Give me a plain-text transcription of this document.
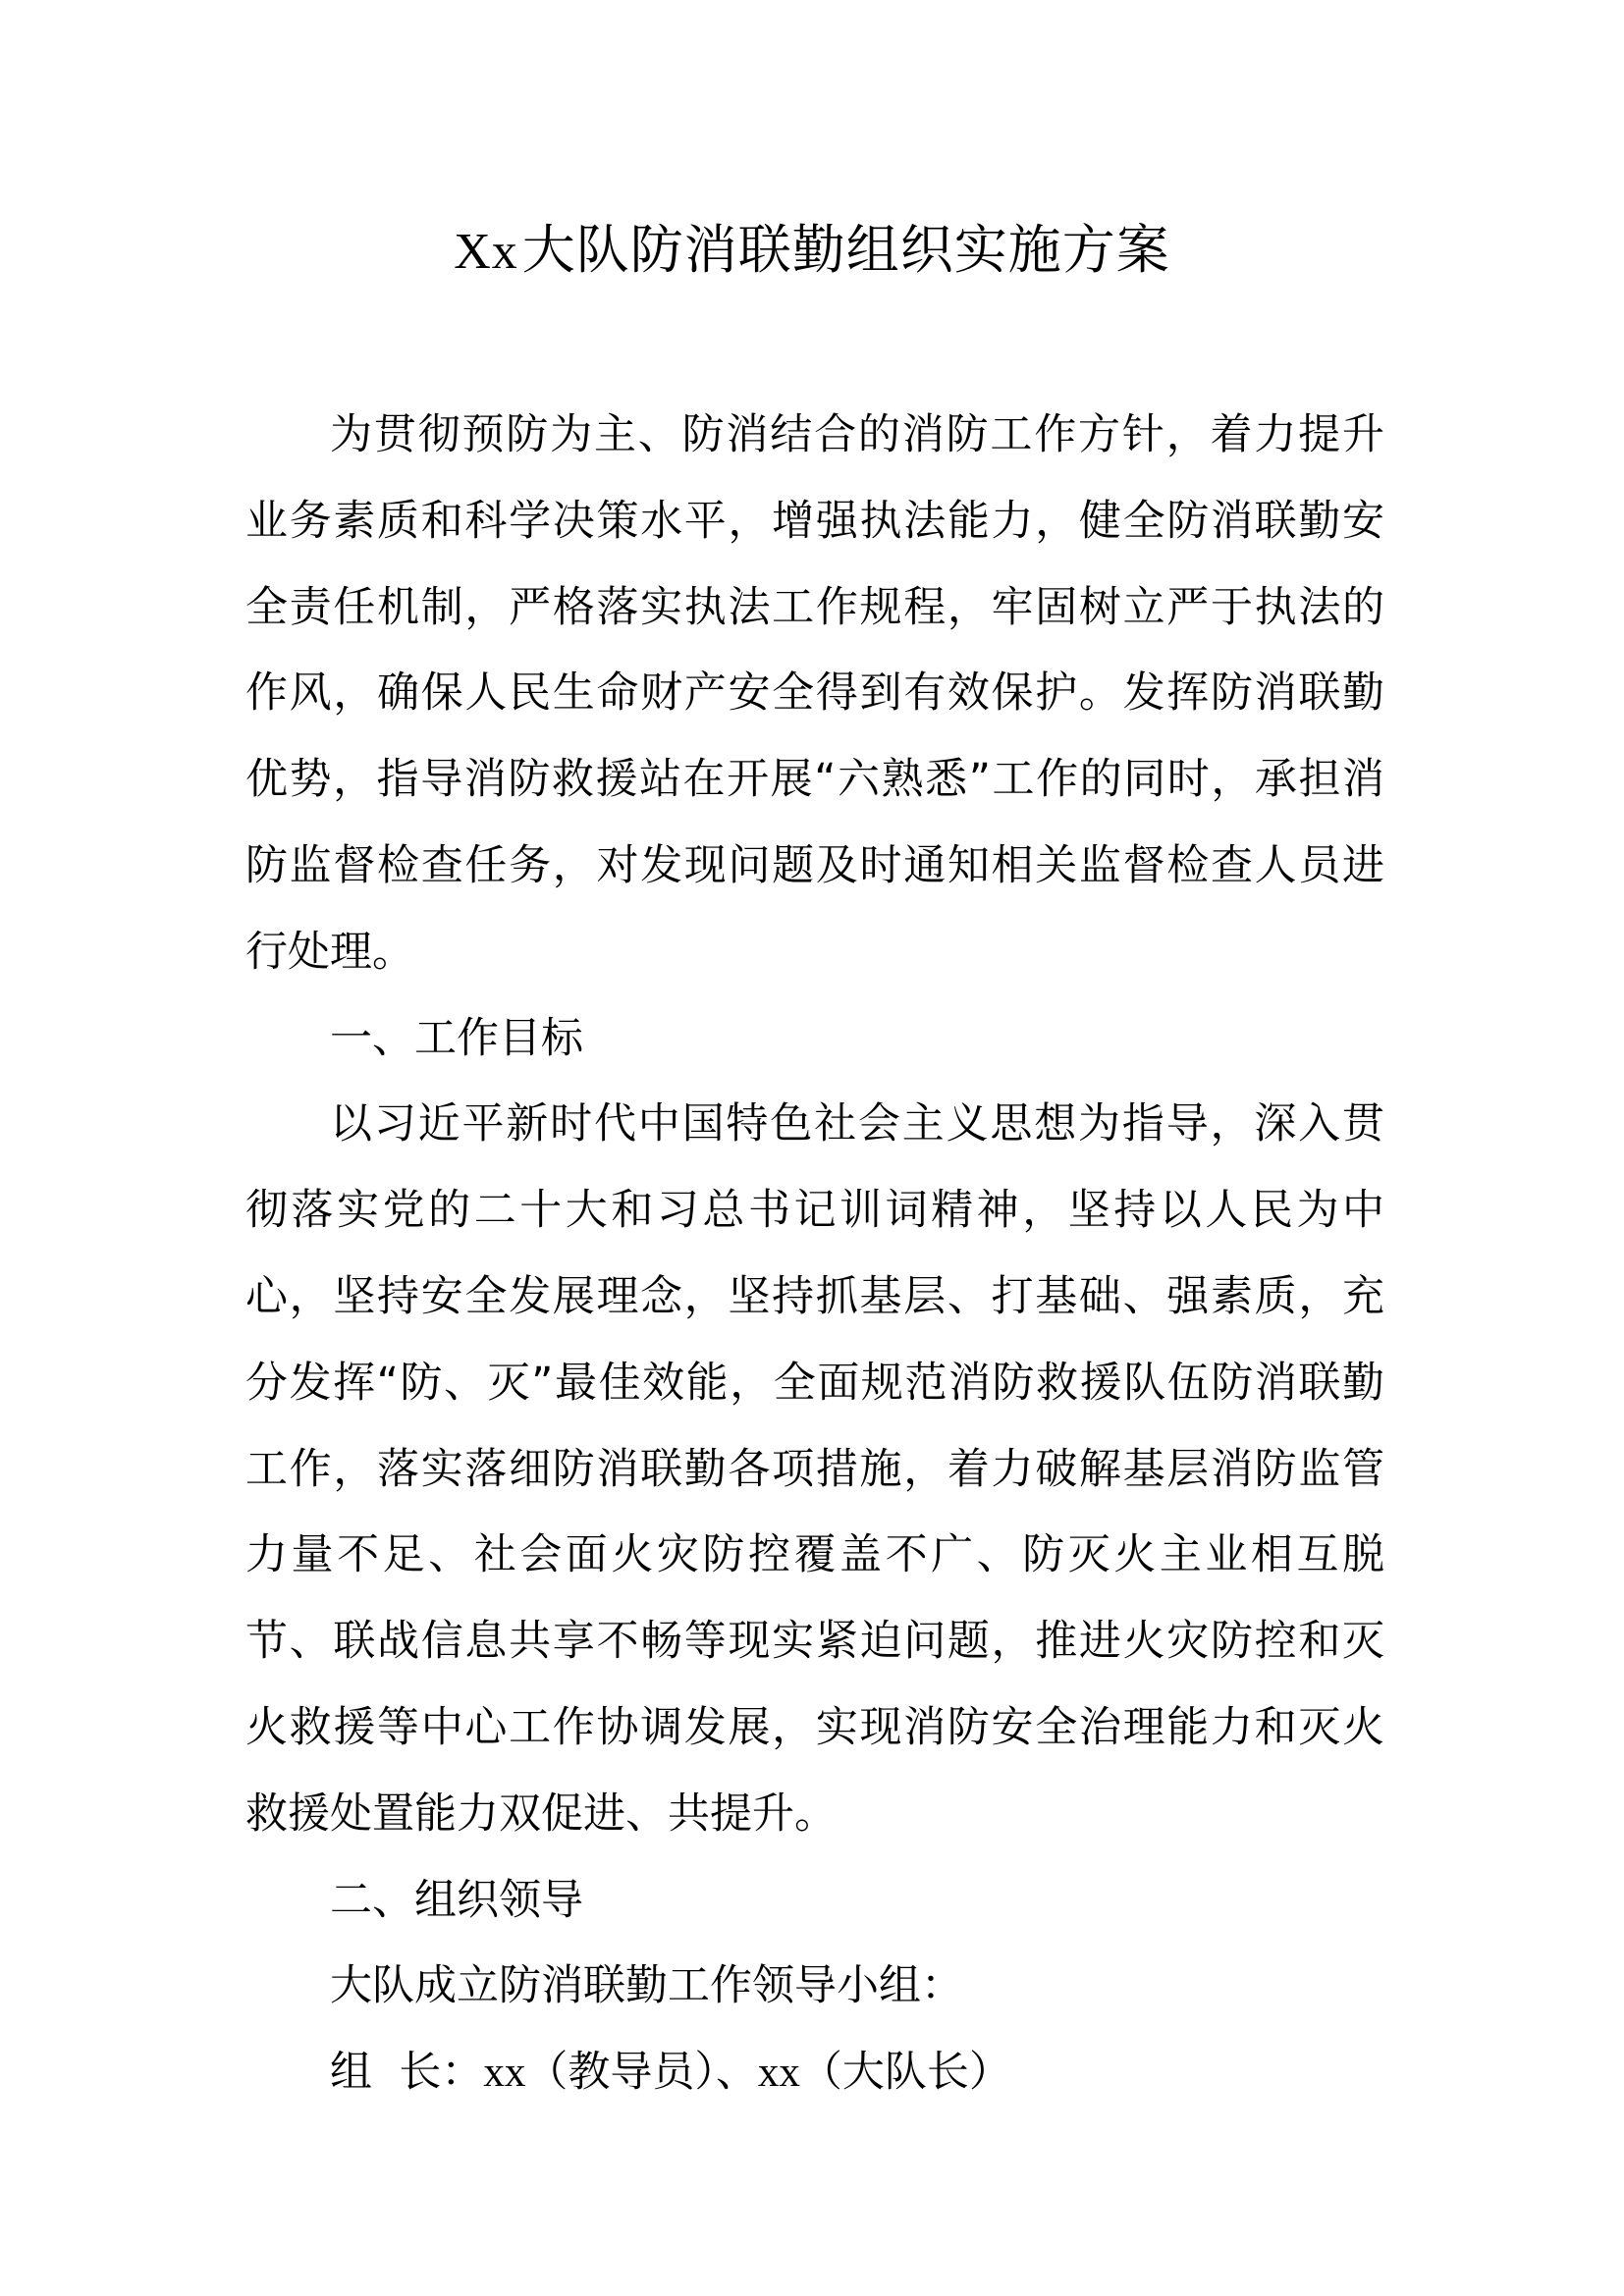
Xx大队防消联勤组织实施方案

为贯彻预防为主、防消结合的消防工作方针，着力提升业务素质和科学决策水平，增强执法能力，健全防消联勤安全责任机制，严格落实执法工作规程，牢固树立严于执法的作风，确保人民生命财产安全得到有效保护。发挥防消联勤优势，指导消防救援站在开展“六熟悉”工作的同时，承担消防监督检查任务，对发现问题及时通知相关监督检查人员进行处理。

一、工作目标

以习近平新时代中国特色社会主义思想为指导，深入贯彻落实党的二十大和习总书记训词精神，坚持以人民为中心，坚持安全发展理念，坚持抓基层、打基础、强素质，充分发挥“防、灭”最佳效能，全面规范消防救援队伍防消联勤工作，落实落细防消联勤各项措施，着力破解基层消防监管力量不足、社会面火灾防控覆盖不广、防灭火主业相互脱节、联战信息共享不畅等现实紧迫问题，推进火灾防控和灭火救援等中心工作协调发展，实现消防安全治理能力和灭火救援处置能力双促进、共提升。

二、组织领导

大队成立防消联勤工作领导小组：

组  长：xx（教导员）、xx（大队长）
